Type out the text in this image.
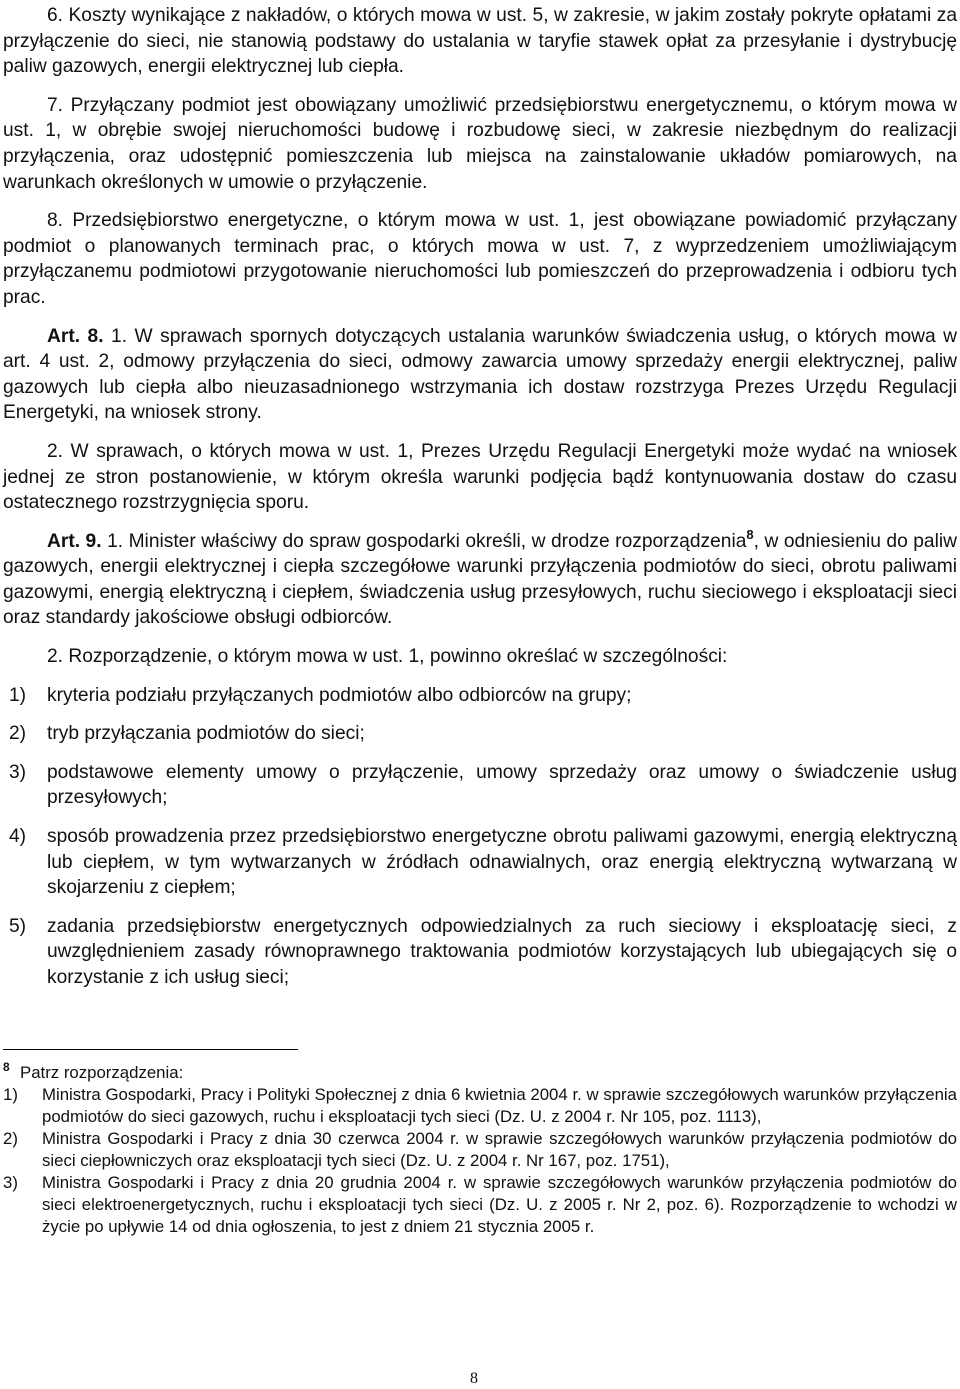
6. Koszty wynikające z nakładów, o których mowa w ust. 5, w zakresie, w jakim zostały pokryte opłatami za przyłączenie do sieci, nie stanowią podstawy do ustalania w taryfie stawek opłat za przesyłanie i dystrybucję paliw gazowych, energii elektrycznej lub ciepła.

7. Przyłączany podmiot jest obowiązany umożliwić przedsiębiorstwu energetycznemu, o którym mowa w ust. 1, w obrębie swojej nieruchomości budowę i rozbudowę sieci, w zakresie niezbędnym do realizacji przyłączenia, oraz udostępnić pomieszczenia lub miejsca na zainstalowanie układów pomiarowych, na warunkach określonych w umowie o przyłączenie.

8. Przedsiębiorstwo energetyczne, o którym mowa w ust. 1, jest obowiązane powiadomić przyłączany podmiot o planowanych terminach prac, o których mowa w ust. 7, z wyprzedzeniem umożliwiającym przyłączanemu podmiotowi przygotowanie nieruchomości lub pomieszczeń do przeprowadzenia i odbioru tych prac.

Art. 8. 1. W sprawach spornych dotyczących ustalania warunków świadczenia usług, o których mowa w art. 4 ust. 2, odmowy przyłączenia do sieci, odmowy zawarcia umowy sprzedaży energii elektrycznej, paliw gazowych lub ciepła albo nieuzasadnionego wstrzymania ich dostaw rozstrzyga Prezes Urzędu Regulacji Energetyki, na wniosek strony.

2. W sprawach, o których mowa w ust. 1, Prezes Urzędu Regulacji Energetyki może wydać na wniosek jednej ze stron postanowienie, w którym określa warunki podjęcia bądź kontynuowania dostaw do czasu ostatecznego rozstrzygnięcia sporu.

Art. 9. 1. Minister właściwy do spraw gospodarki określi, w drodze rozporządzenia$^8$, w odniesieniu do paliw gazowych, energii elektrycznej i ciepła szczegółowe warunki przyłączenia podmiotów do sieci, obrotu paliwami gazowymi, energią elektryczną i ciepłem, świadczenia usług przesyłowych, ruchu sieciowego i eksploatacji sieci oraz standardy jakościowe obsługi odbiorców.

2. Rozporządzenie, o którym mowa w ust. 1, powinno określać w szczególności:

1) kryteria podziału przyłączanych podmiotów albo odbiorców na grupy;
2) tryb przyłączania podmiotów do sieci;
3) podstawowe elementy umowy o przyłączenie, umowy sprzedaży oraz umowy o świadczenie usług przesyłowych;
4) sposób prowadzenia przez przedsiębiorstwo energetyczne obrotu paliwami gazowymi, energią elektryczną lub ciepłem, w tym wytwarzanych w źródłach odnawialnych, oraz energią elektryczną wytwarzaną w skojarzeniu z ciepłem;
5) zadania przedsiębiorstw energetycznych odpowiedzialnych za ruch sieciowy i eksploatację sieci, z uwzględnieniem zasady równoprawnego traktowania podmiotów korzystających lub ubiegających się o korzystanie z ich usług sieci;

8 Patrz rozporządzenia:

1) Ministra Gospodarki, Pracy i Polityki Społecznej z dnia 6 kwietnia 2004 r. w sprawie szczegółowych warunków przyłączenia podmiotów do sieci gazowych, ruchu i eksploatacji tych sieci (Dz. U. z 2004 r. Nr 105, poz. 1113),
2) Ministra Gospodarki i Pracy z dnia 30 czerwca 2004 r. w sprawie szczegółowych warunków przyłączenia podmiotów do sieci ciepłowniczych oraz eksploatacji tych sieci (Dz. U. z 2004 r. Nr 167, poz. 1751),
3) Ministra Gospodarki i Pracy z dnia 20 grudnia 2004 r. w sprawie szczegółowych warunków przyłączenia podmiotów do sieci elektroenergetycznych, ruchu i eksploatacji tych sieci (Dz. U. z 2005 r. Nr 2, poz. 6). Rozporządzenie to wchodzi w życie po upływie 14 od dnia ogłoszenia, to jest z dniem 21 stycznia 2005 r.
8
